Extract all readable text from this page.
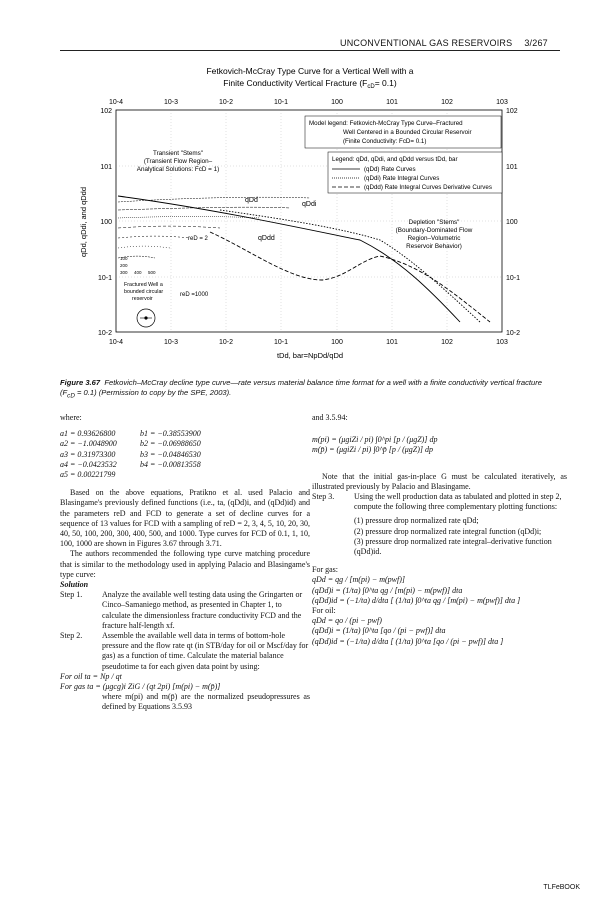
UNCONVENTIONAL GAS RESERVOIRS 3/267
Fetkovich-McCray Type Curve for a Vertical Well with a
Finite Conductivity Vertical Fracture $(F_{cD}= 0.1)$
10-4	10-3	10-2	10-1	100	101	102	103
10-4	10-3	10-2	10-1	100	101	102	103
102
101
100
10-1
10-2
102
101
100
10-1
10-2
qDd, qDdi, and qDdd
tDd, bar=NpDd/qDd
Model legend: Fetkovich-McCray Type Curve–Fractured
Well Centered in a Bounded Circular Reservoir
(Finite Conductivity: FcD= 0.1)
Legend: qDd, qDdi, and qDdd versus tDd, bar
(qDd) Rate Curves
(qDdi) Rate Integral Curves
(qDdd) Rate Integral Curves Derivative Curves
Transient "Stems"
(Transient Flow Region–
Analytical Solutions: FcD = 1)
Depletion "Stems"
(Boundary-Dominated Flow
Region–Volumetric
Reservoir Behavior)
qDd
qDdi
qDdd
reD = 2
reD =1000
100
200
300 400 500
Fractured Well a
bounded circular
reservoir
Figure 3.67 Fetkovich–McCray decline type curve—rate versus material balance time format for a well with a finite conductivity vertical fracture $(F_{cD} = 0.1)$ (Permission to copy by the SPE, 2003).

where:

a1 = 0.93626800	b1 = −0.38553900
a2 = −1.0048900	b2 = −0.06988650
a3 = 0.31973300	b3 = −0.04846530
a4 = −0.0423532	b4 = −0.00813558
a5 = 0.00221799

Based on the above equations, Pratikno et al. used Palacio and Blasingame's previously defined functions (i.e., ta, (qDd)i, and (qDd)id) and the parameters reD and FCD to generate a set of decline curves for a sequence of 13 values for FCD with a sampling of reD = 2, 3, 4, 5, 10, 20, 30, 40, 50, 100, 200, 300, 400, 500, and 1000. Type curves for FCD of 0.1, 1, 10, 100, 1000 are shown in Figures 3.67 through 3.71.

The authors recommended the following type curve matching procedure that is similar to the methodology used in applying Palacio and Blasingame's type curve:

Solution

Step 1.	Analyze the available well testing data using the Gringarten or Cinco–Samaniego method, as presented in Chapter 1, to calculate the dimensionless fracture conductivity FCD and the fracture half-length xf.
Step 2.	Assemble the available well data in terms of bottom-hole pressure and the flow rate qt (in STB/day for oil or Mscf/day for gas) as a function of time. Calculate the material balance pseudotime ta for each given data point by using:

For oil ta = Np / qt

For gas ta = (μgcg)i ZiG / (qt 2pi) [m(pi) − m(p̄)]

where m(pi) and m(p̄) are the normalized pseudopressures as defined by Equations 3.5.93

and 3.5.94:

m(pi) = (μgiZi / pi) ∫0^pi [p / (μgZ)] dp

m(p̄) = (μgiZi / pi) ∫0^p̄ [p / (μgZ)] dp

Note that the initial gas-in-place G must be calculated iteratively, as illustrated previously by Palacio and Blasingame.

Step 3.	Using the well production data as tabulated and plotted in step 2, compute the following three complementary plotting functions:

(1) pressure drop normalized rate qDd;

(2) pressure drop normalized rate integral function (qDd)i;

(3) pressure drop normalized rate integral–derivative function (qDd)id.

For gas:

qDd = qg / [m(pi) − m(pwf)]

(qDd)i = (1/ta) ∫0^ta qg / [m(pi) − m(pwf)] dta

(qDd)id = (−1/ta) d/dta [ (1/ta) ∫0^ta qg / [m(pi) − m(pwf)] dta ]

For oil:

qDd = qo / (pi − pwf)

(qDd)i = (1/ta) ∫0^ta [qo / (pi − pwf)] dta

(qDd)id = (−1/ta) d/dta [ (1/ta) ∫0^ta [qo / (pi − pwf)] dta ]

TLFeBOOK
